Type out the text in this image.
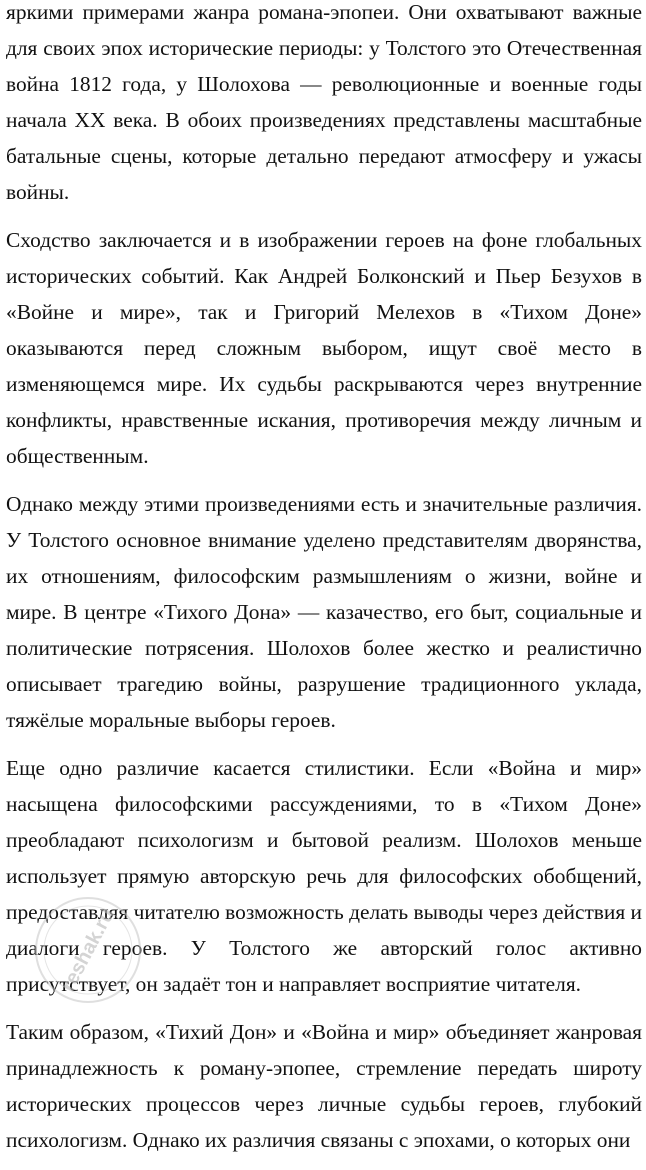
яркими примерами жанра романа-эпопеи. Они охватывают важные для своих эпох исторические периоды: у Толстого это Отечественная война 1812 года, у Шолохова — революционные и военные годы начала XX века. В обоих произведениях представлены масштабные батальные сцены, которые детально передают атмосферу и ужасы войны.

Сходство заключается и в изображении героев на фоне глобальных исторических событий. Как Андрей Болконский и Пьер Безухов в «Войне и мире», так и Григорий Мелехов в «Тихом Доне» оказываются перед сложным выбором, ищут своё место в изменяющемся мире. Их судьбы раскрываются через внутренние конфликты, нравственные искания, противоречия между личным и общественным.

Однако между этими произведениями есть и значительные различия. У Толстого основное внимание уделено представителям дворянства, их отношениям, философским размышлениям о жизни, войне и мире. В центре «Тихого Дона» — казачество, его быт, социальные и политические потрясения. Шолохов более жестко и реалистично описывает трагедию войны, разрушение традиционного уклада, тяжёлые моральные выборы героев.

Еще одно различие касается стилистики. Если «Война и мир» насыщена философскими рассуждениями, то в «Тихом Доне» преобладают психологизм и бытовой реализм. Шолохов меньше использует прямую авторскую речь для философских обобщений, предоставляя читателю возможность делать выводы через действия и диалоги героев. У Толстого же авторский голос активно присутствует, он задаёт тон и направляет восприятие читателя.

Таким образом, «Тихий Дон» и «Война и мир» объединяет жанровая принадлежность к роману-эпопее, стремление передать широту исторических процессов через личные судьбы героев, глубокий психологизм. Однако их различия связаны с эпохами, о которых они

reshak.ru
